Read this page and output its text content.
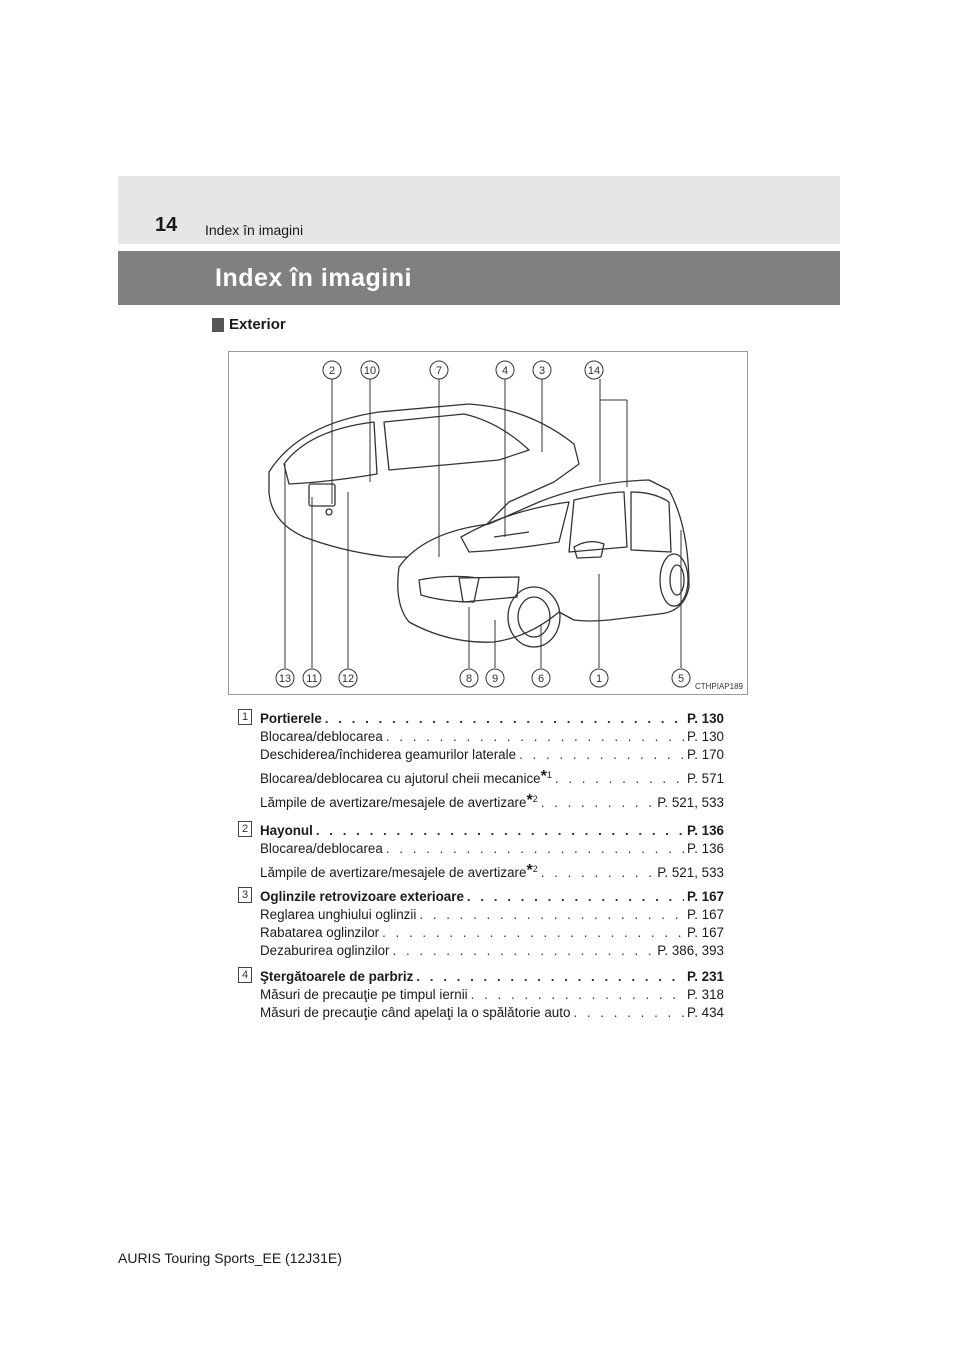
14 Index în imagini
Index în imagini
Exterior
2	10	7	4	3	14
13 11 12	8 9	6	1	5
CTHPIAP189
1 Portierele . . .	P. 130
Blocarea/deblocarea . . .	P. 130
Deschiderea/închiderea geamurilor laterale . . .	P. 170
Blocarea/deblocarea cu ajutorul cheii mecanice*$^1$ . . .	P. 571
Lămpile de avertizare/mesajele de avertizare*$^2$ . . .	P. 521, 533
2 Hayonul . . .	P. 136
Blocarea/deblocarea . . .	P. 136
Lămpile de avertizare/mesajele de avertizare*$^2$ . . .	P. 521, 533
3 Oglinzile retrovizoare exterioare . . .	P. 167
Reglarea unghiului oglinzii . . .	P. 167
Rabatarea oglinzilor . . .	P. 167
Dezaburirea oglinzilor . . .	P. 386, 393
4 Ştergătoarele de parbriz . . .	P. 231
Măsuri de precauţie pe timpul iernii . . .	P. 318
Măsuri de precauţie când apelaţi la o spălătorie auto . . .	P. 434
AURIS Touring Sports_EE (12J31E)
